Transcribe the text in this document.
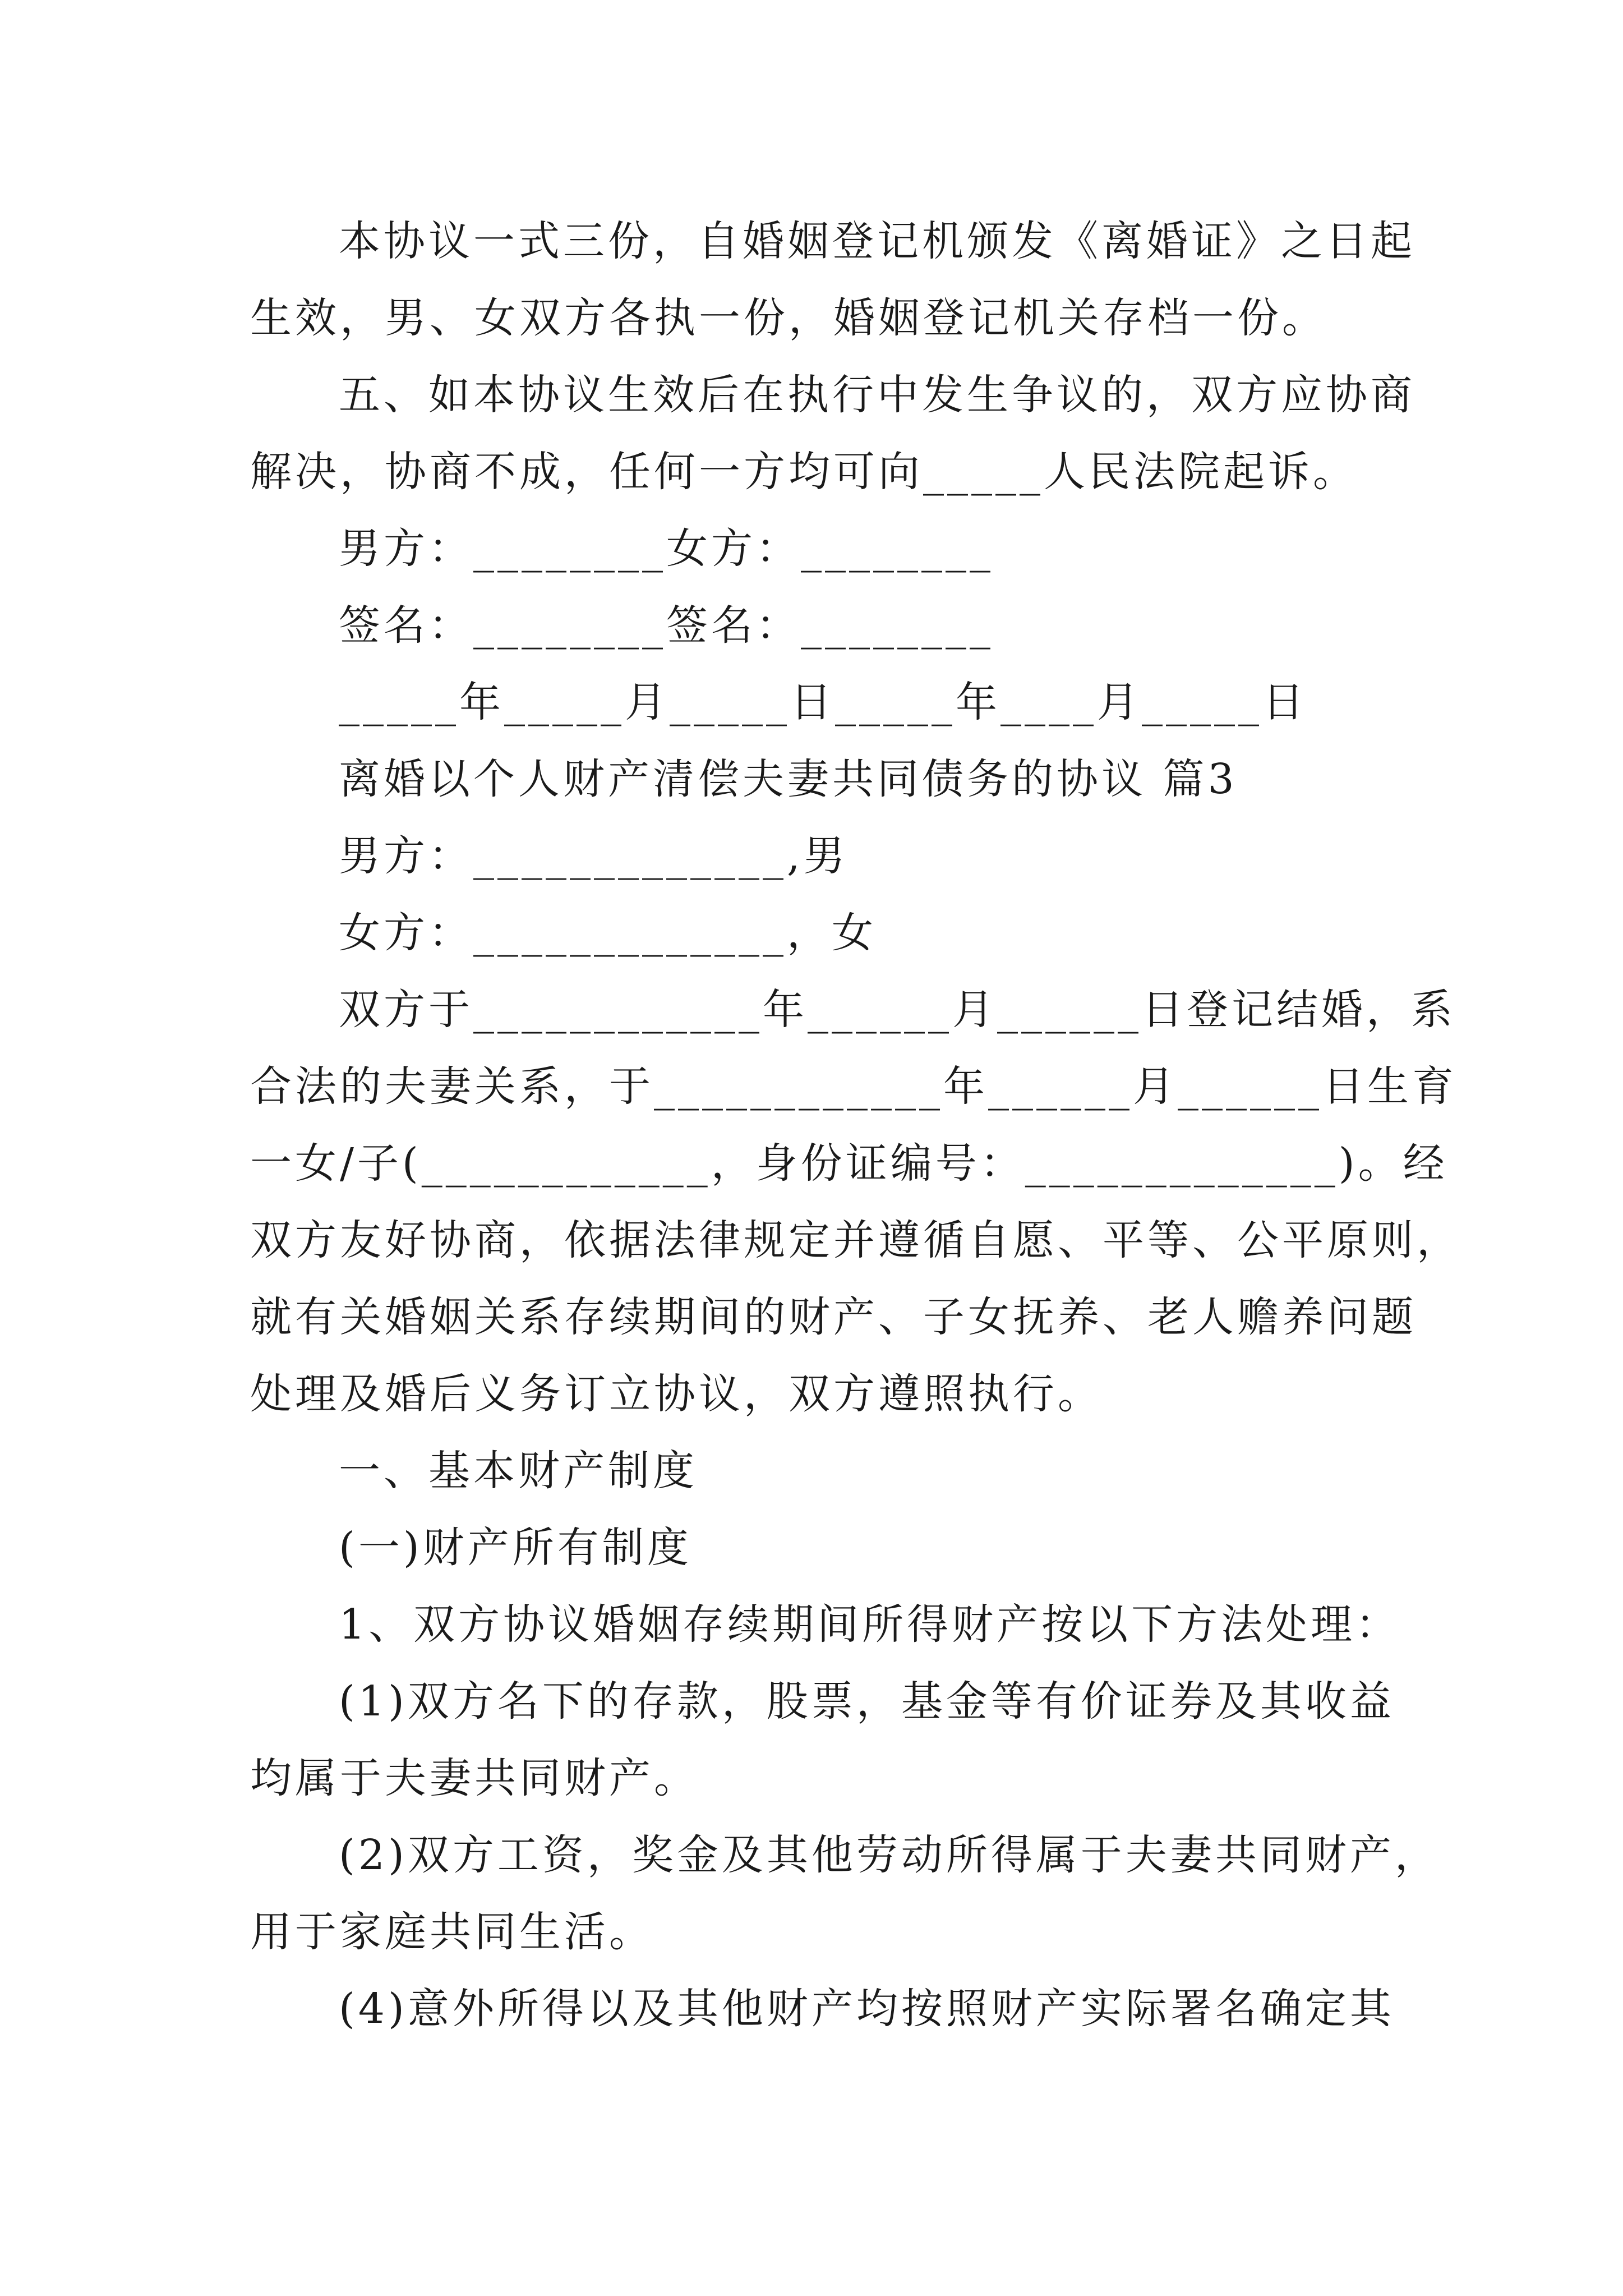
本协议一式三份，自婚姻登记机颁发《离婚证》之日起
生效，男、女双方各执一份，婚姻登记机关存档一份。
五、如本协议生效后在执行中发生争议的，双方应协商
解决，协商不成，任何一方均可向_____人民法院起诉。
男方：________女方：________
签名：________签名：________
_____年_____月_____日_____年____月_____日
离婚以个人财产清偿夫妻共同债务的协议 篇3
男方：_____________,男
女方：_____________，女
双方于____________年______月______日登记结婚，系
合法的夫妻关系，于____________年______月______日生育
一女/子(____________，身份证编号：_____________)。经
双方友好协商，依据法律规定并遵循自愿、平等、公平原则，
就有关婚姻关系存续期间的财产、子女抚养、老人赡养问题
处理及婚后义务订立协议，双方遵照执行。
一、基本财产制度
(一)财产所有制度
1、双方协议婚姻存续期间所得财产按以下方法处理：
(1)双方名下的存款，股票，基金等有价证券及其收益
均属于夫妻共同财产。
(2)双方工资，奖金及其他劳动所得属于夫妻共同财产，
用于家庭共同生活。
(4)意外所得以及其他财产均按照财产实际署名确定其
